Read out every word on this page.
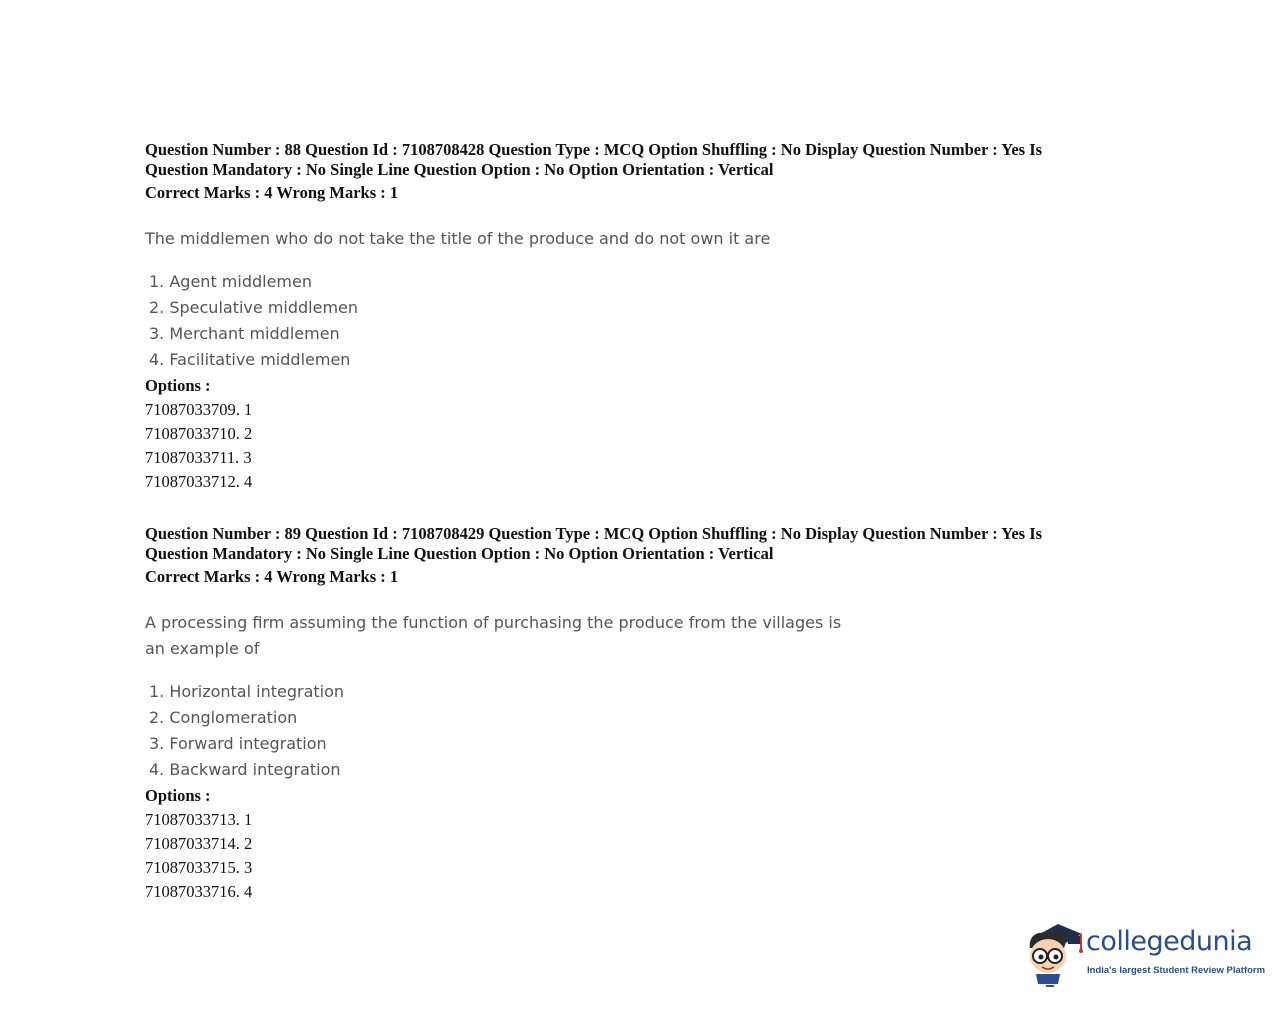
Question Number : 88 Question Id : 7108708428 Question Type : MCQ Option Shuffling : No Display Question Number : Yes Is
Question Mandatory : No Single Line Question Option : No Option Orientation : Vertical

Correct Marks : 4 Wrong Marks : 1

The middlemen who do not take the title of the produce and do not own it are

1. Agent middlemen
2. Speculative middlemen
3. Merchant middlemen
4. Facilitative middlemen

Options :

71087033709. 1
71087033710. 2
71087033711. 3
71087033712. 4

Question Number : 89 Question Id : 7108708429 Question Type : MCQ Option Shuffling : No Display Question Number : Yes Is
Question Mandatory : No Single Line Question Option : No Option Orientation : Vertical

Correct Marks : 4 Wrong Marks : 1

A processing firm assuming the function of purchasing the produce from the villages is an example of

1. Horizontal integration
2. Conglomeration
3. Forward integration
4. Backward integration

Options :

71087033713. 1
71087033714. 2
71087033715. 3
71087033716. 4
collegedunia
India's largest Student Review Platform
